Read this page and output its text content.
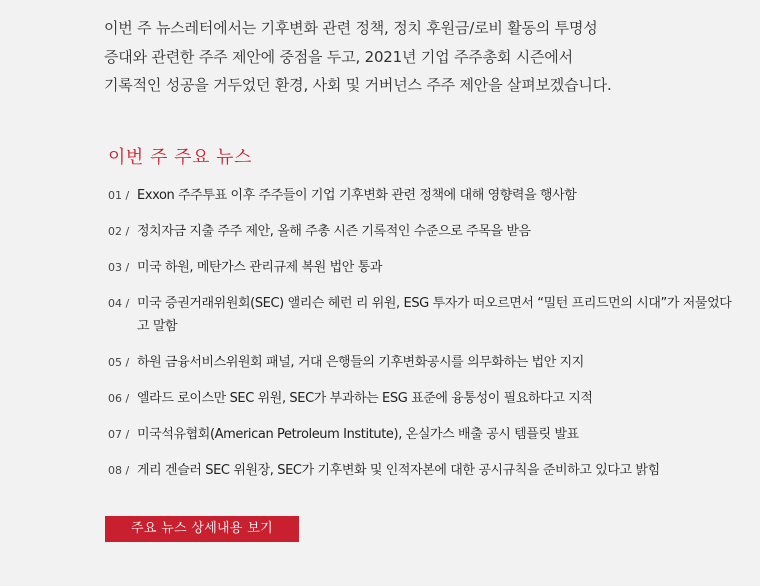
이번 주 뉴스레터에서는 기후변화 관련 정책, 정치 후원금/로비 활동의 투명성

증대와 관련한 주주 제안에 중점을 두고, 2021년 기업 주주총회 시즌에서

기록적인 성공을 거두었던 환경, 사회 및 거버넌스 주주 제안을 살펴보겠습니다.

이번 주 주요 뉴스
01 / Exxon 주주투표 이후 주주들이 기업 기후변화 관련 정책에 대해 영향력을 행사함
02 / 정치자금 지출 주주 제안, 올해 주총 시즌 기록적인 수준으로 주목을 받음
03 / 미국 하원, 메탄가스 관리규제 복원 법안 통과
04 / 미국 증권거래위원회(SEC) 앨리슨 헤런 리 위원, ESG 투자가 떠오르면서 “밀턴 프리드먼의 시대”가 저물었다고 말함
05 / 하원 금융서비스위원회 패널, 거대 은행들의 기후변화공시를 의무화하는 법안 지지
06 / 엘라드 로이스만 SEC 위원, SEC가 부과하는 ESG 표준에 융통성이 필요하다고 지적
07 / 미국석유협회(American Petroleum Institute), 온실가스 배출 공시 템플릿 발표
08 / 게리 겐슬러 SEC 위원장, SEC가 기후변화 및 인적자본에 대한 공시규칙을 준비하고 있다고 밝힘
주요 뉴스 상세내용 보기
